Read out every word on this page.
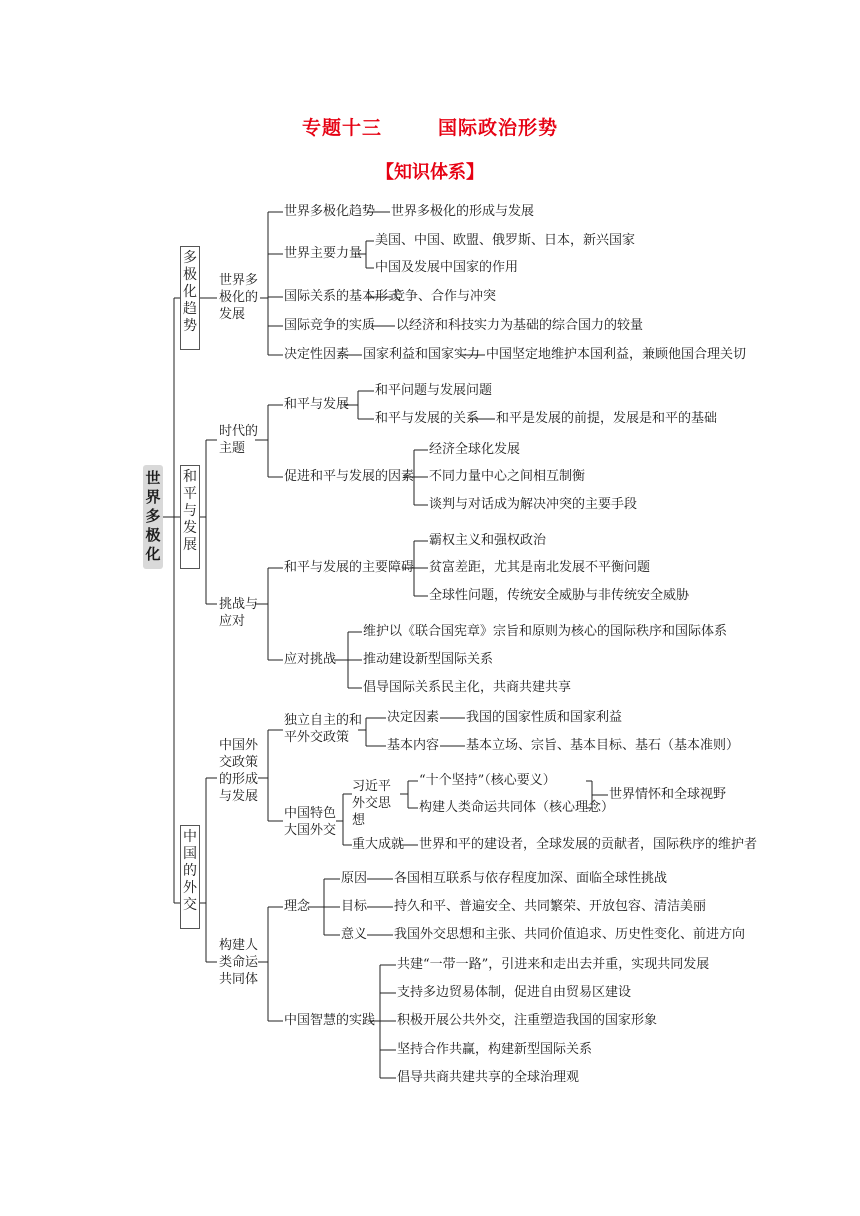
专题十三	国际政治形势
【知识体系】
世界多极化
多极化趋势
和平与发展
中国的外交
世界多极化的发展
世界多极化趋势 世界多极化的形成与发展
世界主要力量
美国、中国、欧盟、俄罗斯、日本，新兴国家
中国及发展中国家的作用
国际关系的基本形式
竞争、合作与冲突
国际竞争的实质 以经济和科技实力为基础的综合国力的较量
决定性因素 国家利益和国家实力 中国坚定地维护本国利益，兼顾他国合理关切
时代的主题
和平与发展
和平问题与发展问题
和平与发展的关系 和平是发展的前提，发展是和平的基础
促进和平与发展的因素
经济全球化发展
不同力量中心之间相互制衡
谈判与对话成为解决冲突的主要手段
挑战与应对
和平与发展的主要障碍
霸权主义和强权政治
贫富差距，尤其是南北发展不平衡问题
全球性问题，传统安全威胁与非传统安全威胁
应对挑战
维护以《联合国宪章》宗旨和原则为核心的国际秩序和国际体系
推动建设新型国际关系
倡导国际关系民主化，共商共建共享
中国外交政策的形成与发展
独立自主的和平外交政策
决定因素 我国的国家性质和国家利益
基本内容 基本立场、宗旨、基本目标、基石（基本准则）
中国特色大国外交
习近平外交思想
“十个坚持”（核心要义）
构建人类命运共同体（核心理念）
世界情怀和全球视野
重大成就 世界和平的建设者，全球发展的贡献者，国际秩序的维护者
构建人类命运共同体
理念
原因 各国相互联系与依存程度加深、面临全球性挑战
目标 持久和平、普遍安全、共同繁荣、开放包容、清洁美丽
意义 我国外交思想和主张、共同价值追求、历史性变化、前进方向
中国智慧的实践
共建“一带一路”，引进来和走出去并重，实现共同发展
支持多边贸易体制，促进自由贸易区建设
积极开展公共外交，注重塑造我国的国家形象
坚持合作共赢，构建新型国际关系
倡导共商共建共享的全球治理观
